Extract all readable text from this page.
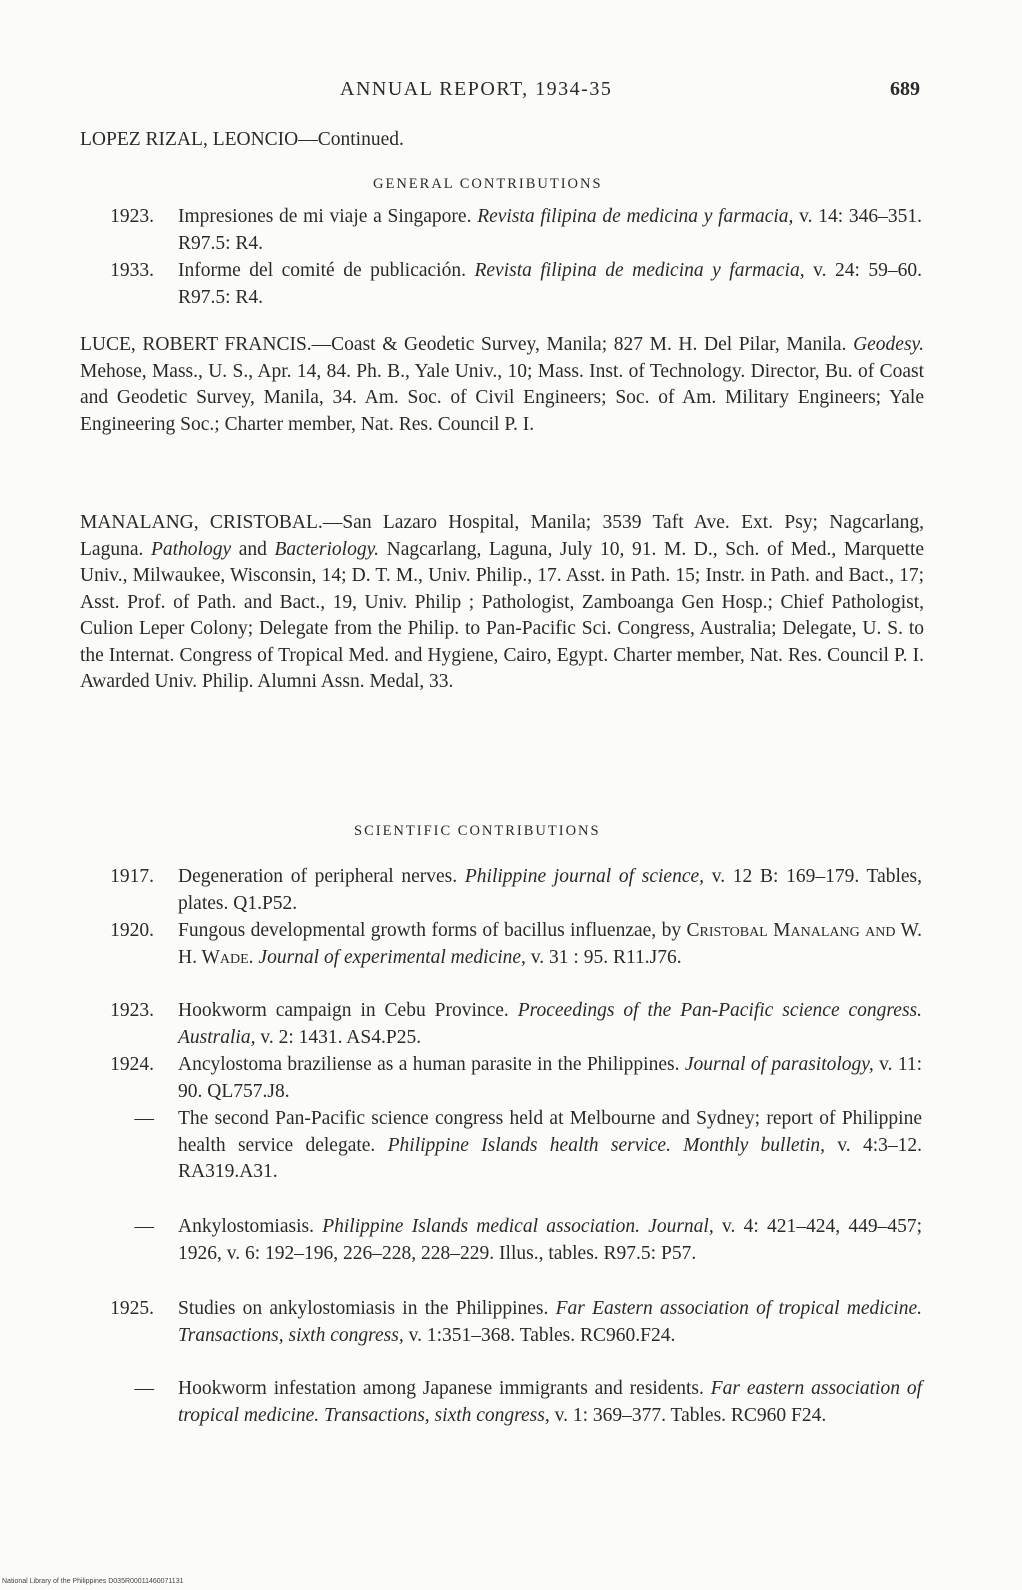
ANNUAL REPORT, 1934-35	689
LOPEZ RIZAL, LEONCIO—Continued.
GENERAL CONTRIBUTIONS
1923. Impresiones de mi viaje a Singapore. Revista filipina de medicina y farmacia, v. 14: 346–351. R97.5: R4.
1933. Informe del comité de publicación. Revista filipina de medicina y farmacia, v. 24: 59–60. R97.5: R4.
LUCE, ROBERT FRANCIS.—Coast & Geodetic Survey, Manila; 827 M. H. Del Pilar, Manila. Geodesy. Mehose, Mass., U. S., Apr. 14, 84. Ph. B., Yale Univ., 10; Mass. Inst. of Technology. Director, Bu. of Coast and Geodetic Survey, Manila, 34. Am. Soc. of Civil Engineers; Soc. of Am. Military Engineers; Yale Engineering Soc.; Charter member, Nat. Res. Council P. I.
MANALANG, CRISTOBAL.—San Lazaro Hospital, Manila; 3539 Taft Ave. Ext. Psy; Nagcarlang, Laguna. Pathology and Bacteriology. Nagcarlang, Laguna, July 10, 91. M. D., Sch. of Med., Marquette Univ., Milwaukee, Wisconsin, 14; D. T. M., Univ. Philip., 17. Asst. in Path. 15; Instr. in Path. and Bact., 17; Asst. Prof. of Path. and Bact., 19, Univ. Philip ; Pathologist, Zamboanga Gen Hosp.; Chief Pathologist, Culion Leper Colony; Delegate from the Philip. to Pan-Pacific Sci. Congress, Australia; Delegate, U. S. to the Internat. Congress of Tropical Med. and Hygiene, Cairo, Egypt. Charter member, Nat. Res. Council P. I. Awarded Univ. Philip. Alumni Assn. Medal, 33.
SCIENTIFIC CONTRIBUTIONS
1917. Degeneration of peripheral nerves. Philippine journal of science, v. 12 B: 169–179. Tables, plates. Q1.P52.
1920. Fungous developmental growth forms of bacillus influenzae, by Cristobal Manalang and W. H. Wade. Journal of experimental medicine, v. 31 : 95. R11.J76.
1923. Hookworm campaign in Cebu Province. Proceedings of the Pan-Pacific science congress. Australia, v. 2: 1431. AS4.P25.
1924. Ancylostoma braziliense as a human parasite in the Philippines. Journal of parasitology, v. 11: 90. QL757.J8.
— The second Pan-Pacific science congress held at Melbourne and Sydney; report of Philippine health service delegate. Philippine Islands health service. Monthly bulletin, v. 4:3–12. RA319.A31.
— Ankylostomiasis. Philippine Islands medical association. Journal, v. 4: 421–424, 449–457; 1926, v. 6: 192–196, 226–228, 228–229. Illus., tables. R97.5: P57.
1925. Studies on ankylostomiasis in the Philippines. Far Eastern association of tropical medicine. Transactions, sixth congress, v. 1:351–368. Tables. RC960.F24.
— Hookworm infestation among Japanese immigrants and residents. Far eastern association of tropical medicine. Transactions, sixth congress, v. 1: 369–377. Tables. RC960 F24.
National Library of the Philippines D035R00011460071131
